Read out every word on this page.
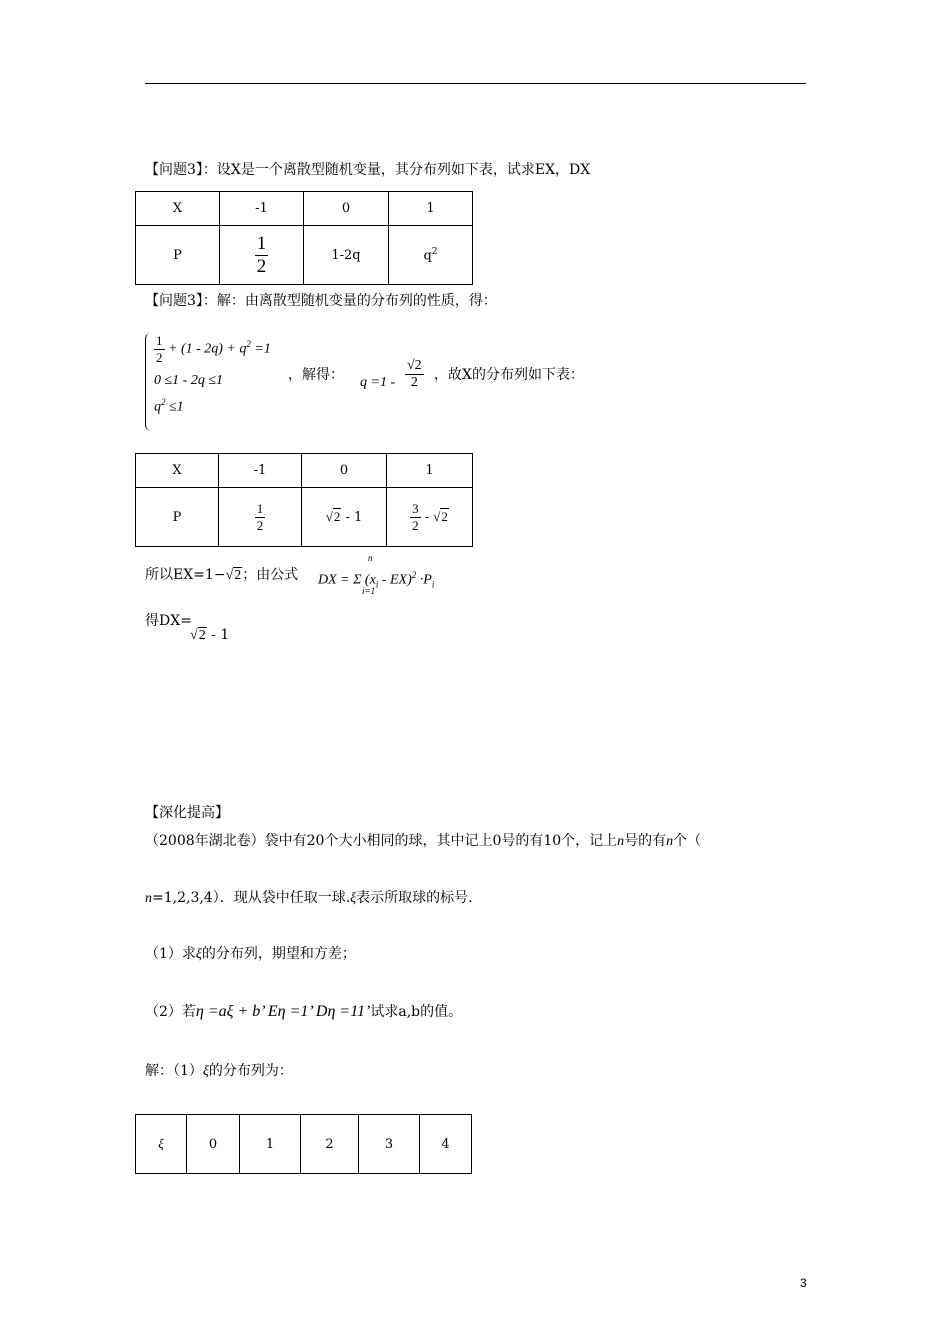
【问题3】：设X是一个离散型随机变量，其分布列如下表，试求EX，DX
X	-1	0	1
P	$\frac{1}{2}$	1-2q	$q^2$
【问题3】：解：由离散型随机变量的分布列的性质，得：
$\frac{1}{2} + (1 - 2q) + q^2 =1$
0 ≤1 - 2q ≤1
$q^2 \le 1$
，解得： $q =1 - \frac{√2}{2}$ ，故X的分布列如下表：
X	-1	0	1
P	$\frac{1}{2}$	√2 - 1	$\frac{3}{2} - √2$
所以EX=1−√2；由公式 DX = Σ $(x_i - EX)^2 \cdot P_i$
n
i=1
得DX=
√2 - 1
【深化提高】
（2008年湖北卷）袋中有20个大小相同的球，其中记上0号的有10个，记上n号的有n个（
n=1,2,3,4）．现从袋中任取一球.ξ表示所取球的标号.
（1）求ξ的分布列，期望和方差；
（2）若η =aξ + b’ Eη =1’ Dη =11’试求a,b的值。
解：（1）ξ的分布列为：
ξ	0	1	2	3	4
3
